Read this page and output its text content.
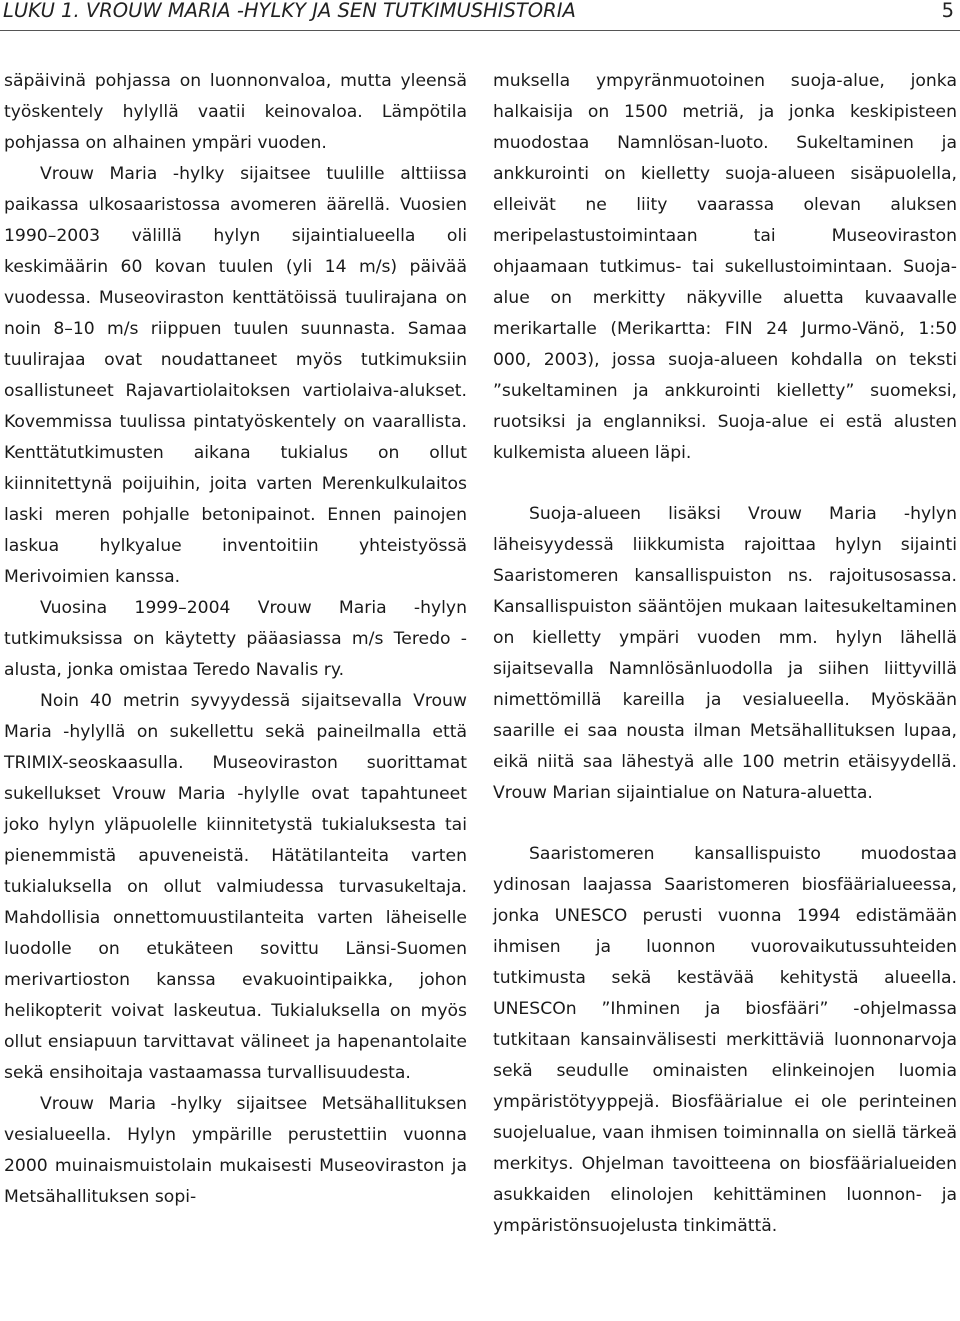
LUKU 1. VROUW MARIA -HYLKY JA SEN TUTKIMUSHISTORIA	5

säpäivinä pohjassa on luonnonvaloa, mutta yleensä työskentely hylyllä vaatii keinovaloa. Lämpötila pohjassa on alhainen ympäri vuoden.

Vrouw Maria -hylky sijaitsee tuulille alttiissa paikassa ulkosaaristossa avomeren äärellä. Vuosien 1990–2003 välillä hylyn sijaintialueella oli keskimäärin 60 kovan tuulen (yli 14 m/s) päivää vuodessa. Museoviraston kenttätöissä tuulirajana on noin 8–10 m/s riippuen tuulen suunnasta. Samaa tuulirajaa ovat noudattaneet myös tutkimuksiin osallistuneet Rajavartiolaitoksen vartiolaiva-alukset. Kovemmissa tuulissa pintatyöskentely on vaarallista. Kenttätutkimusten aikana tukialus on ollut kiinnitettynä poijuihin, joita varten Merenkulkulaitos laski meren pohjalle betonipainot. Ennen painojen laskua hylkyalue inventoitiin yhteistyössä Merivoimien kanssa.

Vuosina 1999–2004 Vrouw Maria -hylyn tutkimuksissa on käytetty pääasiassa m/s Teredo -alusta, jonka omistaa Teredo Navalis ry.

Noin 40 metrin syvyydessä sijaitsevalla Vrouw Maria -hylyllä on sukellettu sekä paineilmalla että TRIMIX-seoskaasulla. Museoviraston suorittamat sukellukset Vrouw Maria -hylylle ovat tapahtuneet joko hylyn yläpuolelle kiinnitetystä tukialuksesta tai pienemmistä apuveneistä. Hätätilanteita varten tukialuksella on ollut valmiudessa turvasukeltaja. Mahdollisia onnettomuustilanteita varten läheiselle luodolle on etukäteen sovittu Länsi-Suomen merivartioston kanssa evakuointipaikka, johon helikopterit voivat laskeutua. Tukialuksella on myös ollut ensiapuun tarvittavat välineet ja hapenantolaite sekä ensihoitaja vastaamassa turvallisuudesta.

Vrouw Maria -hylky sijaitsee Metsähallituksen vesialueella. Hylyn ympärille perustettiin vuonna 2000 muinaismuistolain mukaisesti Museoviraston ja Metsähallituksen sopi-

muksella ympyränmuotoinen suoja-alue, jonka halkaisija on 1500 metriä, ja jonka keskipisteen muodostaa Namnlösan-luoto. Sukeltaminen ja ankkurointi on kielletty suoja-alueen sisäpuolella, elleivät ne liity vaarassa olevan aluksen meripelastustoimintaan tai Museoviraston ohjaamaan tutkimus- tai sukellustoimintaan. Suoja-alue on merkitty näkyville aluetta kuvaavalle merikartalle (Merikartta: FIN 24 Jurmo-Vänö, 1:50 000, 2003), jossa suoja-alueen kohdalla on teksti ”sukeltaminen ja ankkurointi kielletty” suomeksi, ruotsiksi ja englanniksi. Suoja-alue ei estä alusten kulkemista alueen läpi.

Suoja-alueen lisäksi Vrouw Maria -hylyn läheisyydessä liikkumista rajoittaa hylyn sijainti Saaristomeren kansallispuiston ns. rajoitusosassa. Kansallispuiston sääntöjen mukaan laitesukeltaminen on kielletty ympäri vuoden mm. hylyn lähellä sijaitsevalla Namnlösänluodolla ja siihen liittyvillä nimettömillä kareilla ja vesialueella. Myöskään saarille ei saa nousta ilman Metsähallituksen lupaa, eikä niitä saa lähestyä alle 100 metrin etäisyydellä. Vrouw Marian sijaintialue on Natura-aluetta.

Saaristomeren kansallispuisto muodostaa ydinosan laajassa Saaristomeren biosfäärialueessa, jonka UNESCO perusti vuonna 1994 edistämään ihmisen ja luonnon vuorovaikutussuhteiden tutkimusta sekä kestävää kehitystä alueella. UNESCOn ”Ihminen ja biosfääri” -ohjelmassa tutkitaan kansainvälisesti merkittäviä luonnonarvoja sekä seudulle ominaisten elinkeinojen luomia ympäristötyyppejä. Biosfäärialue ei ole perinteinen suojelualue, vaan ihmisen toiminnalla on siellä tärkeä merkitys. Ohjelman tavoitteena on biosfäärialueiden asukkaiden elinolojen kehittäminen luonnon- ja ympäristönsuojelusta tinkimättä.
